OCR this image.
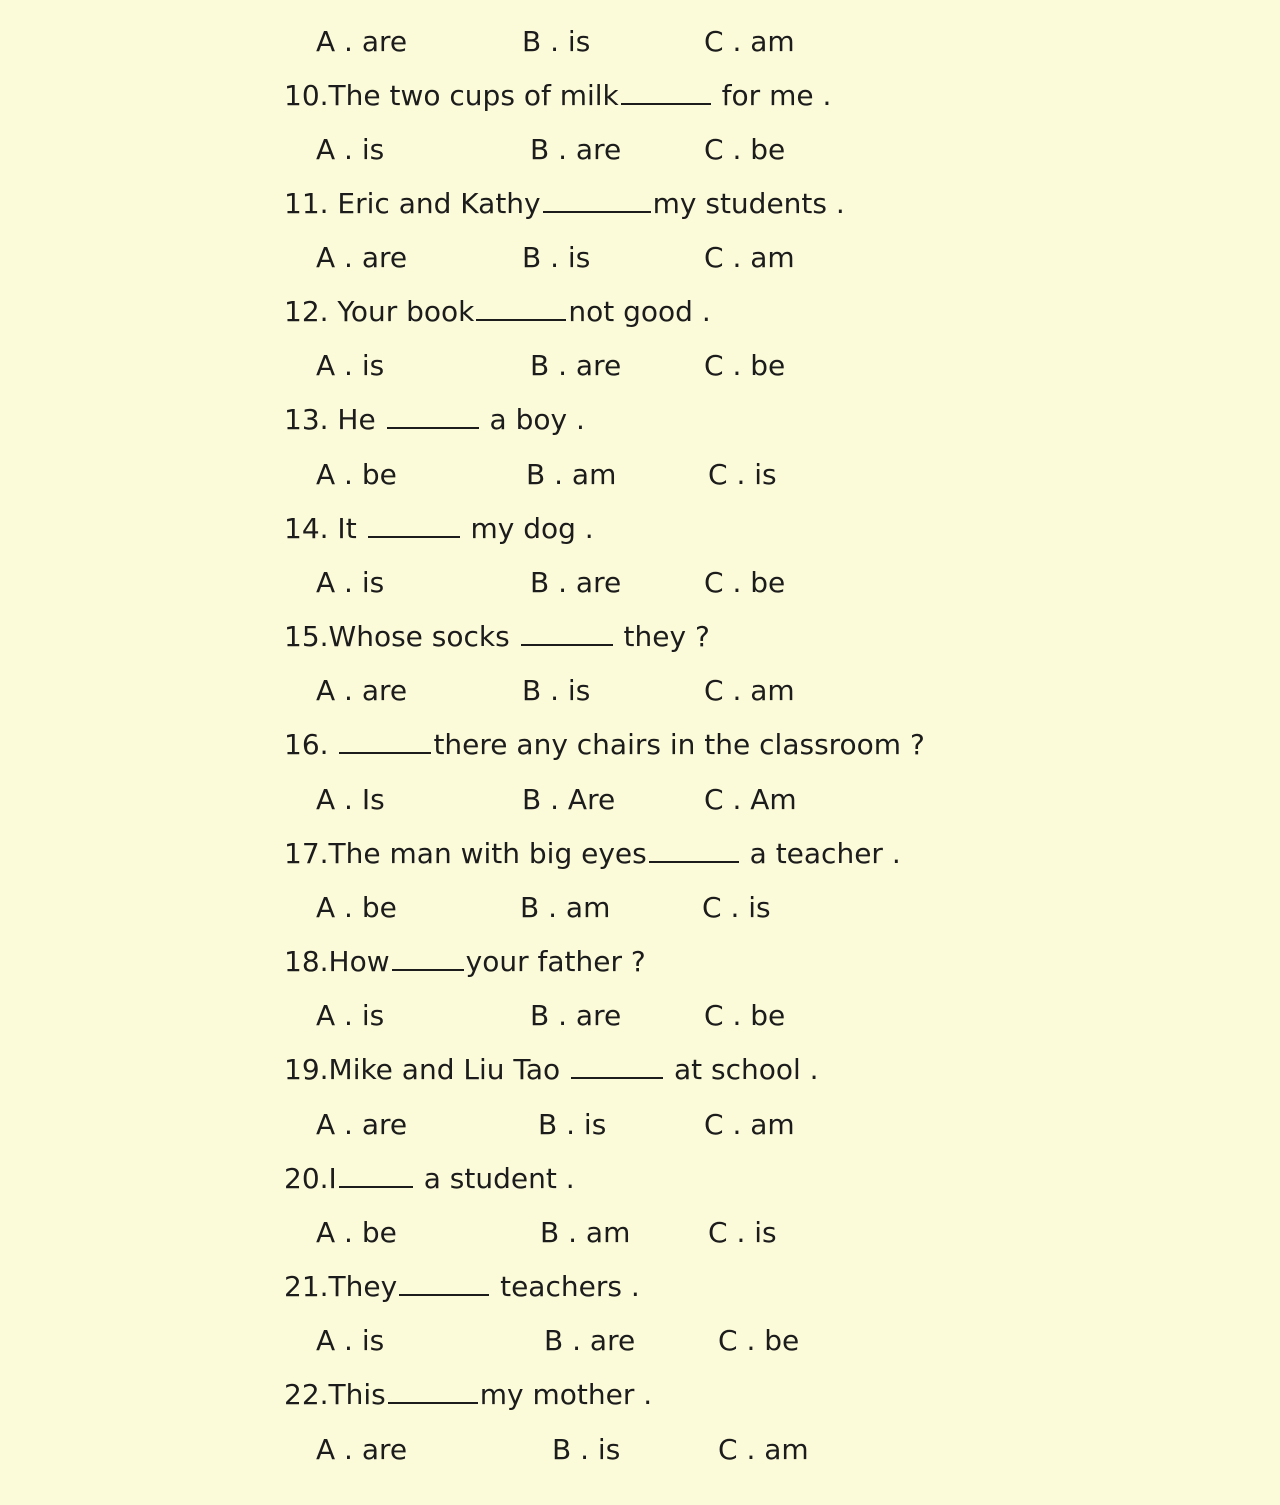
A . are	B . is	C . am
10.The two cups of milk	for me .
A . is	B . are	C . be
11. Eric and Kathy	my students .
A . are	B . is	C . am
12. Your book	not good .
A . is	B . are	C . be
13. He	a boy .
A . be	B . am	C . is
14. It	my dog .
A . is	B . are	C . be
15.Whose socks	they ?
A . are	B . is	C . am
16.	there any chairs in the classroom ?
A . Is	B . Are	C . Am
17.The man with big eyes	a teacher .
A . be	B . am	C . is
18.How	your father ?
A . is	B . are	C . be
19.Mike and Liu Tao	at school .
A . are	B . is	C . am
20.I	a student .
A . be	B . am	C . is
21.They	teachers .
A . is	B . are	C . be
22.This	my mother .
A . are	B . is	C . am
